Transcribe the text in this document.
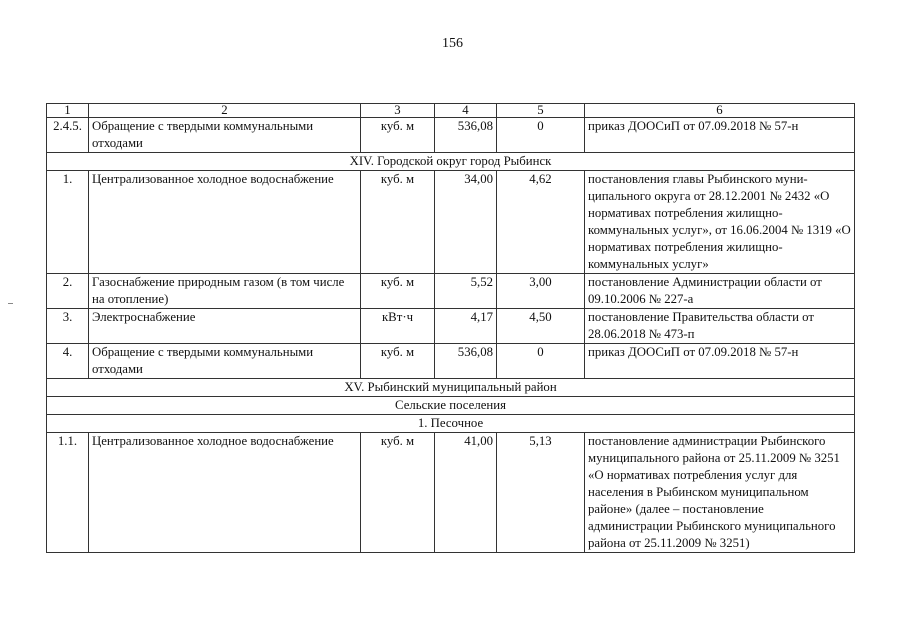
156
1	2	3	4	5	6
2.4.5.	Обращение с твердыми коммунальными отходами	куб. м	536,08	0	приказ ДООСиП от 07.09.2018 № 57-н
XIV. Городской округ город Рыбинск					
1.	Централизованное холодное водоснабжение	куб. м	34,00	4,62	постановления главы Рыбинского муни-ципального округа от 28.12.2001 № 2432 «О нормативах потребления жилищно-коммунальных услуг», от 16.06.2004 № 1319 «О нормативах потребления жилищно-коммунальных услуг»
2.	Газоснабжение природным газом (в том числе на отопление)	куб. м	5,52	3,00	постановление Администрации области от 09.10.2006 № 227-а
3.	Электроснабжение	кВт·ч	4,17	4,50	постановление Правительства области от 28.06.2018 № 473-п
4.	Обращение с твердыми коммунальными отходами	куб. м	536,08	0	приказ ДООСиП от 07.09.2018 № 57-н
XV. Рыбинский муниципальный район					
Сельские поселения					
1. Песочное					
1.1.	Централизованное холодное водоснабжение	куб. м	41,00	5,13	постановление администрации Рыбинского муниципального района от 25.11.2009 № 3251 «О нормативах потребления услуг для населения в Рыбинском муниципальном районе» (далее – постановление администрации Рыбинского муниципального района от 25.11.2009 № 3251)
